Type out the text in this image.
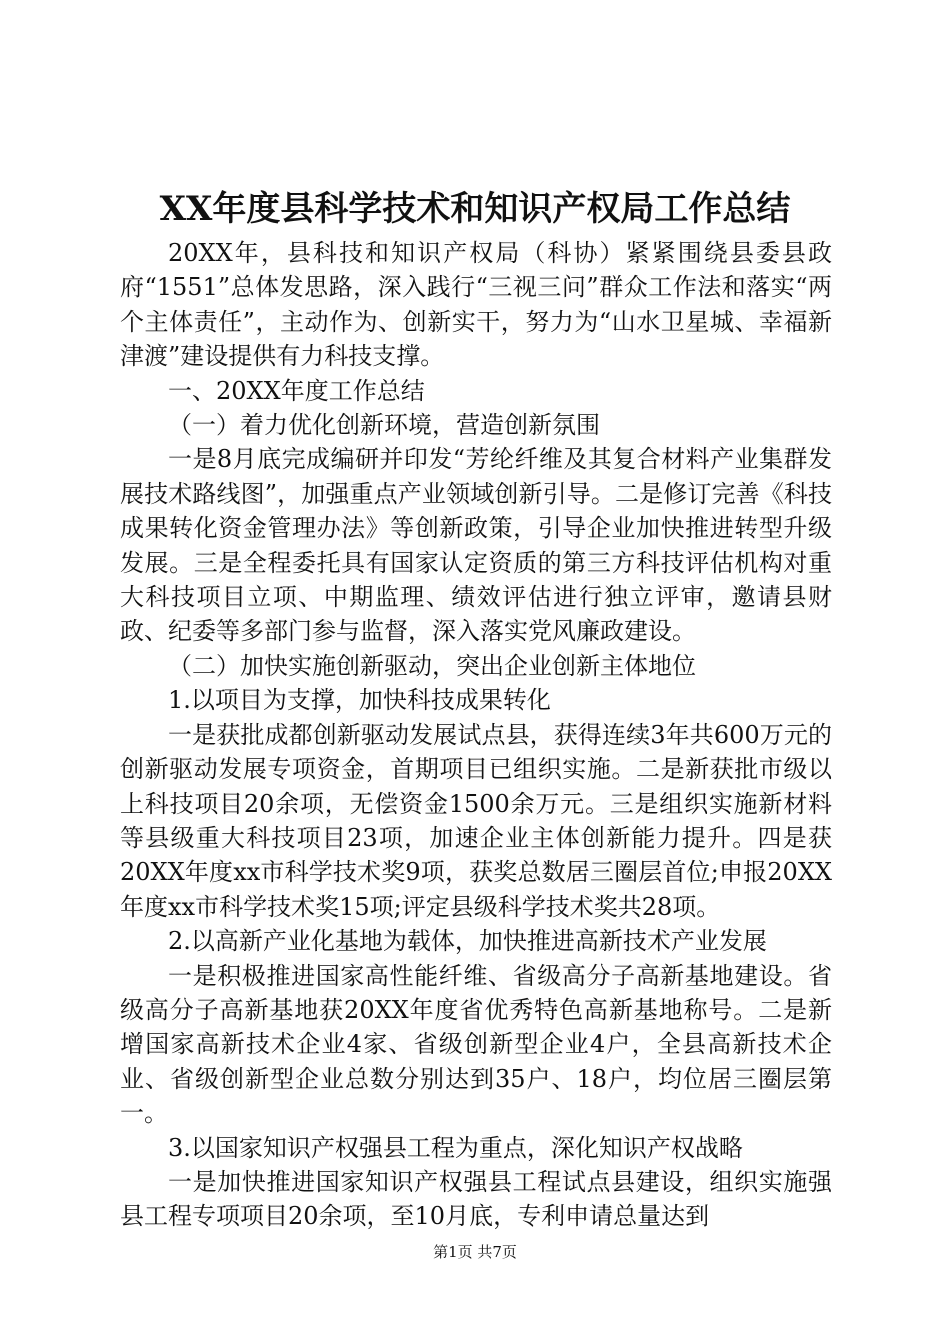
XX年度县科学技术和知识产权局工作总结

20XX年，县科技和知识产权局（科协）紧紧围绕县委县政府“1551”总体发思路，深入践行“三视三问”群众工作法和落实“两个主体责任”，主动作为、创新实干，努力为“山水卫星城、幸福新津渡”建设提供有力科技支撑。

一、20XX年度工作总结

（一）着力优化创新环境，营造创新氛围

一是8月底完成编研并印发“芳纶纤维及其复合材料产业集群发展技术路线图”，加强重点产业领域创新引导。二是修订完善《科技成果转化资金管理办法》等创新政策，引导企业加快推进转型升级发展。三是全程委托具有国家认定资质的第三方科技评估机构对重大科技项目立项、中期监理、绩效评估进行独立评审，邀请县财政、纪委等多部门参与监督，深入落实党风廉政建设。

（二）加快实施创新驱动，突出企业创新主体地位

1.以项目为支撑，加快科技成果转化

一是获批成都创新驱动发展试点县，获得连续3年共600万元的创新驱动发展专项资金，首期项目已组织实施。二是新获批市级以上科技项目20余项，无偿资金1500余万元。三是组织实施新材料等县级重大科技项目23项，加速企业主体创新能力提升。四是获20XX年度xx市科学技术奖9项，获奖总数居三圈层首位;申报20XX年度xx市科学技术奖15项;评定县级科学技术奖共28项。

2.以高新产业化基地为载体，加快推进高新技术产业发展

一是积极推进国家高性能纤维、省级高分子高新基地建设。省级高分子高新基地获20XX年度省优秀特色高新基地称号。二是新增国家高新技术企业4家、省级创新型企业4户，全县高新技术企业、省级创新型企业总数分别达到35户、18户，均位居三圈层第一。

3.以国家知识产权强县工程为重点，深化知识产权战略

一是加快推进国家知识产权强县工程试点县建设，组织实施强县工程专项项目20余项，至10月底，专利申请总量达到

第1页 共7页
